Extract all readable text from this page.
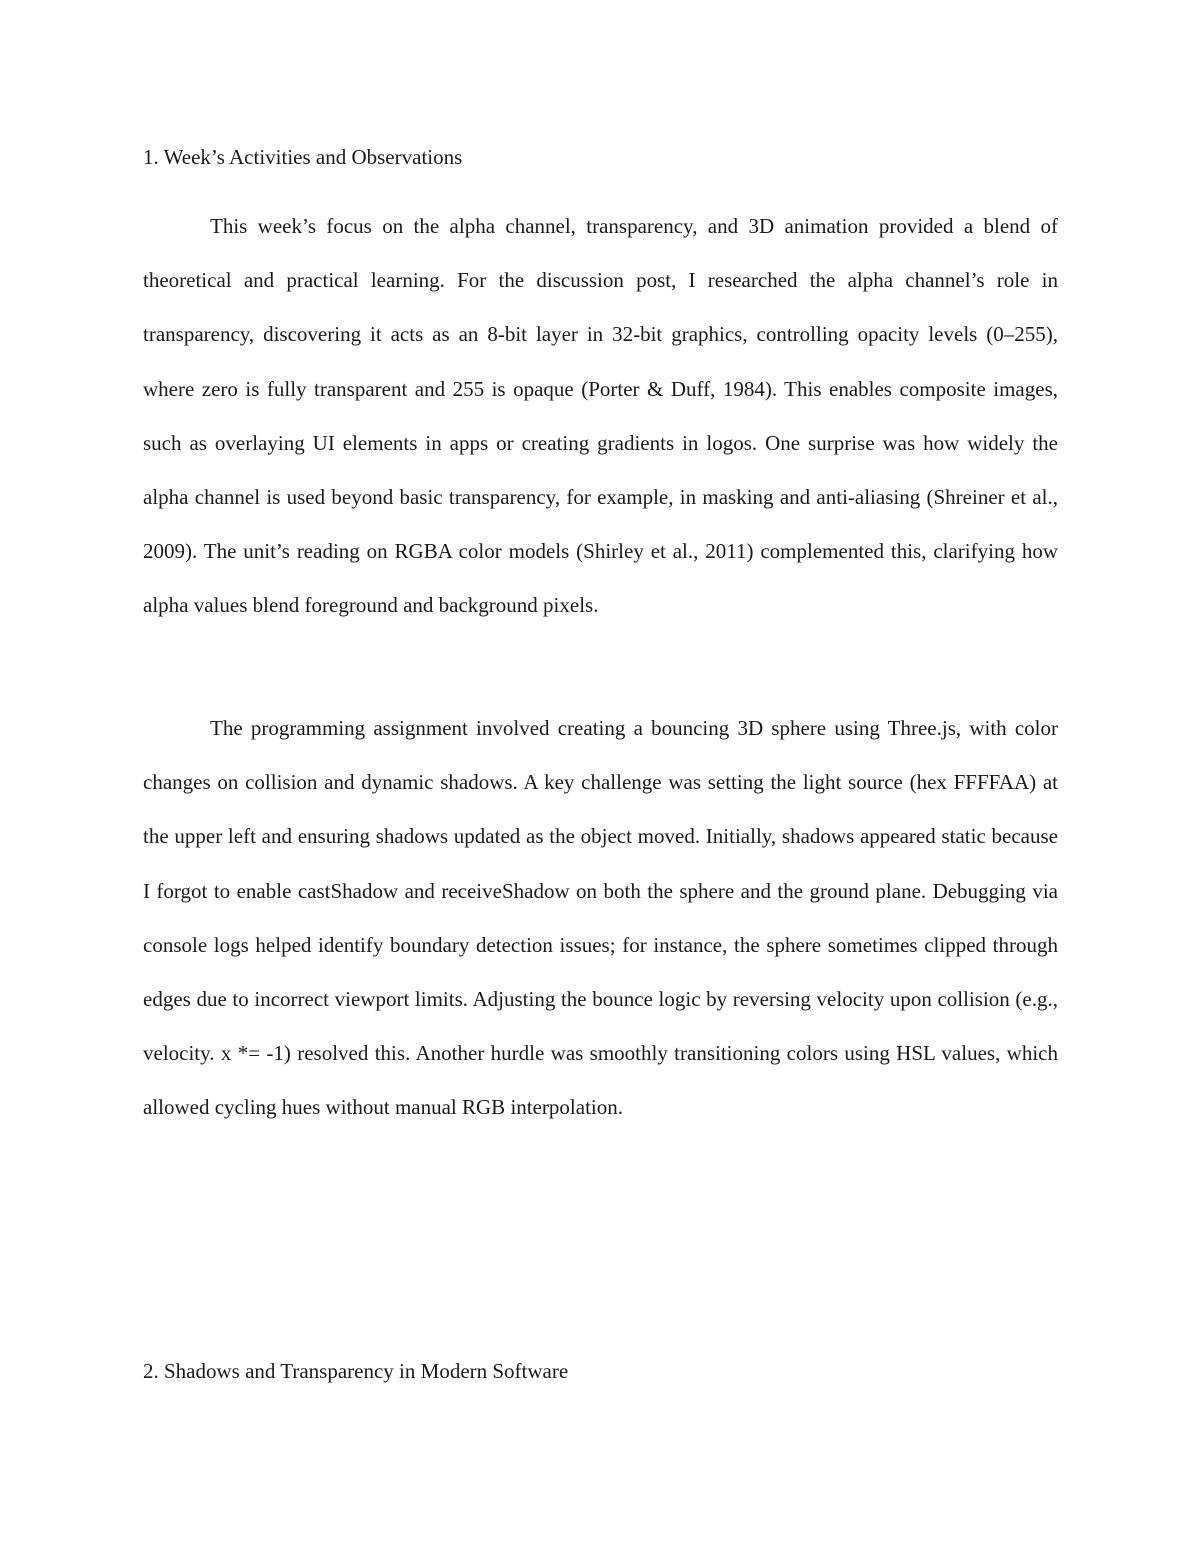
1. Week’s Activities and Observations

This week’s focus on the alpha channel, transparency, and 3D animation provided a blend of theoretical and practical learning. For the discussion post, I researched the alpha channel’s role in transparency, discovering it acts as an 8-bit layer in 32-bit graphics, controlling opacity levels (0–255), where zero is fully transparent and 255 is opaque (Porter & Duff, 1984). This enables composite images, such as overlaying UI elements in apps or creating gradients in logos. One surprise was how widely the alpha channel is used beyond basic transparency, for example, in masking and anti-aliasing (Shreiner et al., 2009). The unit’s reading on RGBA color models (Shirley et al., 2011) complemented this, clarifying how alpha values blend foreground and background pixels.

The programming assignment involved creating a bouncing 3D sphere using Three.js, with color changes on collision and dynamic shadows. A key challenge was setting the light source (hex FFFFAA) at the upper left and ensuring shadows updated as the object moved. Initially, shadows appeared static because I forgot to enable castShadow and receiveShadow on both the sphere and the ground plane. Debugging via console logs helped identify boundary detection issues; for instance, the sphere sometimes clipped through edges due to incorrect viewport limits. Adjusting the bounce logic by reversing velocity upon collision (e.g., velocity. x *= -1) resolved this. Another hurdle was smoothly transitioning colors using HSL values, which allowed cycling hues without manual RGB interpolation.

2. Shadows and Transparency in Modern Software
